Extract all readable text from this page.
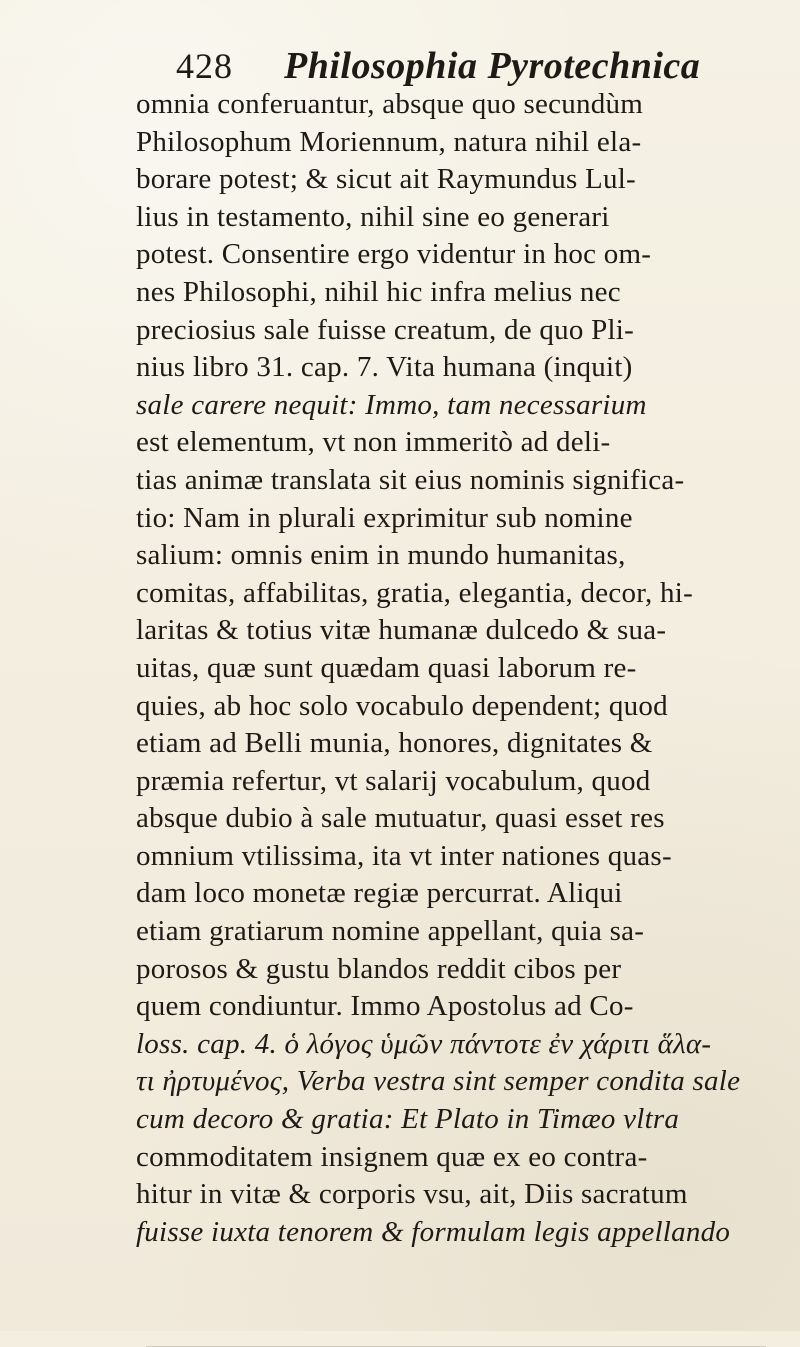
428 Philosophia Pyrotechnica
omnia conferuantur, absque quo secundùm
Philosophum Moriennum, natura nihil ela-
borare potest; & sicut ait Raymundus Lul-
lius in testamento, nihil sine eo generari
potest. Consentire ergo videntur in hoc om-
nes Philosophi, nihil hic infra melius nec
preciosius sale fuisse creatum, de quo Pli-
nius libro 31. cap. 7. Vita humana (inquit)
sale carere nequit: Immo, tam necessarium
est elementum, vt non immeritò ad deli-
tias animæ translata sit eius nominis significa-
tio: Nam in plurali exprimitur sub nomine
salium: omnis enim in mundo humanitas,
comitas, affabilitas, gratia, elegantia, decor, hi-
laritas & totius vitæ humanæ dulcedo & sua-
uitas, quæ sunt quædam quasi laborum re-
quies, ab hoc solo vocabulo dependent; quod
etiam ad Belli munia, honores, dignitates &
præmia refertur, vt salarij vocabulum, quod
absque dubio à sale mutuatur, quasi esset res
omnium vtilissima, ita vt inter nationes quas-
dam loco monetæ regiæ percurrat. Aliqui
etiam gratiarum nomine appellant, quia sa-
porosos & gustu blandos reddit cibos per
quem condiuntur. Immo Apostolus ad Co-
loss. cap. 4. ὁ λόγος ὑμῶν πάντοτε ἐν χάριτι ἅλα-
τι ἠρτυμένος, Verba vestra sint semper condita sale
cum decoro & gratia: Et Plato in Timæo vltra
commoditatem insignem quæ ex eo contra-
hitur in vitæ & corporis vsu, ait, Diis sacratum
fuisse iuxta tenorem & formulam legis appellando
